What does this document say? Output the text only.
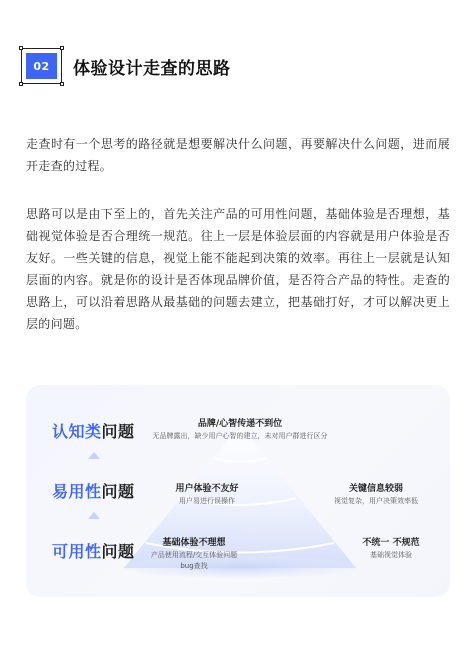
02 体验设计走查的思路

走查时有一个思考的路径就是想要解决什么问题，再要解决什么问题，进而展开走查的过程。

思路可以是由下至上的，首先关注产品的可用性问题，基础体验是否理想，基础视觉体验是否合理统一规范。往上一层是体验层面的内容就是用户体验是否友好。一些关键的信息，视觉上能不能起到决策的效率。再往上一层就是认知层面的内容。就是你的设计是否体现品牌价值，是否符合产品的特性。走查的思路上，可以沿着思路从最基础的问题去建立，把基础打好，才可以解决更上层的问题。

认知类问题
易用性问题
可用性问题
品牌/心智传递不到位
无品牌露出，缺少用户心智的建立，未对用户群进行区分
用户体验不友好
用户易进行误操作
关键信息较弱
视觉复杂，用户决策效率低
基础体验不理想
产品使用流程/交互体验问题
bug查找
不统一 不规范
基础视觉体验
